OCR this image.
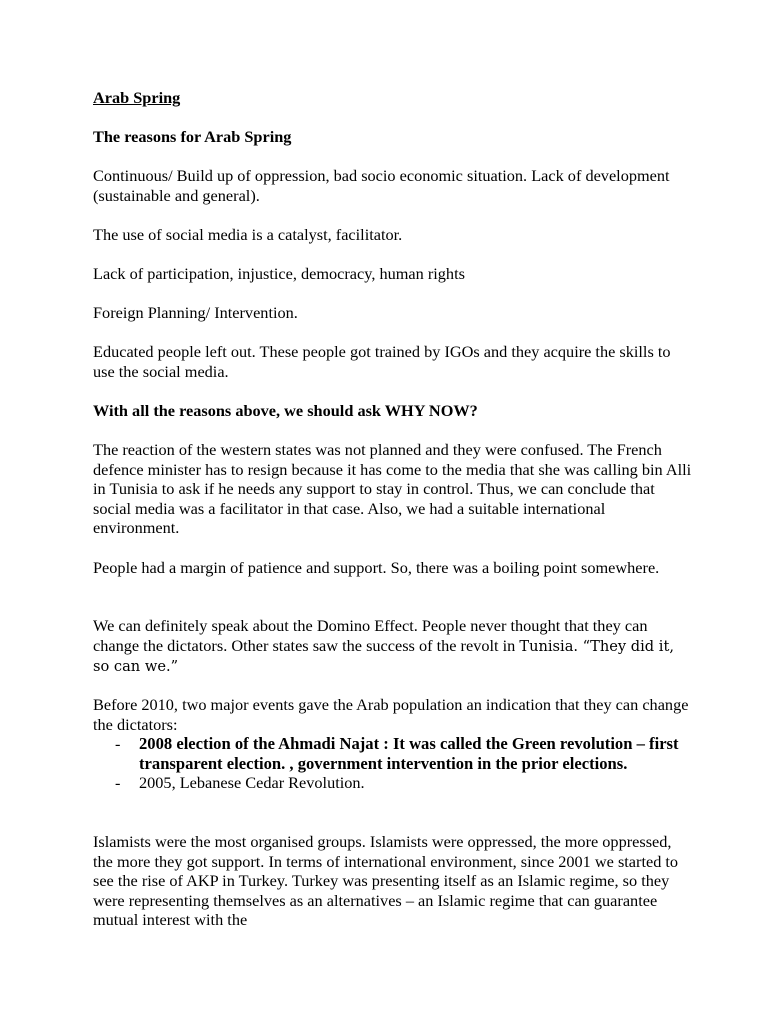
Arab Spring

The reasons for Arab Spring

Continuous/ Build up of oppression, bad socio economic situation. Lack of development (sustainable and general).

The use of social media is a catalyst, facilitator.

Lack of participation, injustice, democracy, human rights

Foreign Planning/ Intervention.

Educated people left out. These people got trained by IGOs and they acquire the skills to use the social media.

With all the reasons above, we should ask WHY NOW?

The reaction of the western states was not planned and they were confused. The French defence minister has to resign because it has come to the media that she was calling bin Alli in Tunisia to ask if he needs any support to stay in control. Thus, we can conclude that social media was a facilitator in that case. Also, we had a suitable international environment.

People had a margin of patience and support. So, there was a boiling point somewhere.

We can definitely speak about the Domino Effect. People never thought that they can change the dictators. Other states saw the success of the revolt in Tunisia. “They did it, so can we.”

Before 2010, two major events gave the Arab population an indication that they can change the dictators:

- 2008 election of the Ahmadi Najat : It was called the Green revolution – first transparent election. , government intervention in the prior elections.
- 2005, Lebanese Cedar Revolution.

Islamists were the most organised groups. Islamists were oppressed, the more oppressed, the more they got support. In terms of international environment, since 2001 we started to see the rise of AKP in Turkey. Turkey was presenting itself as an Islamic regime, so they were representing themselves as an alternatives – an Islamic regime that can guarantee mutual interest with the
